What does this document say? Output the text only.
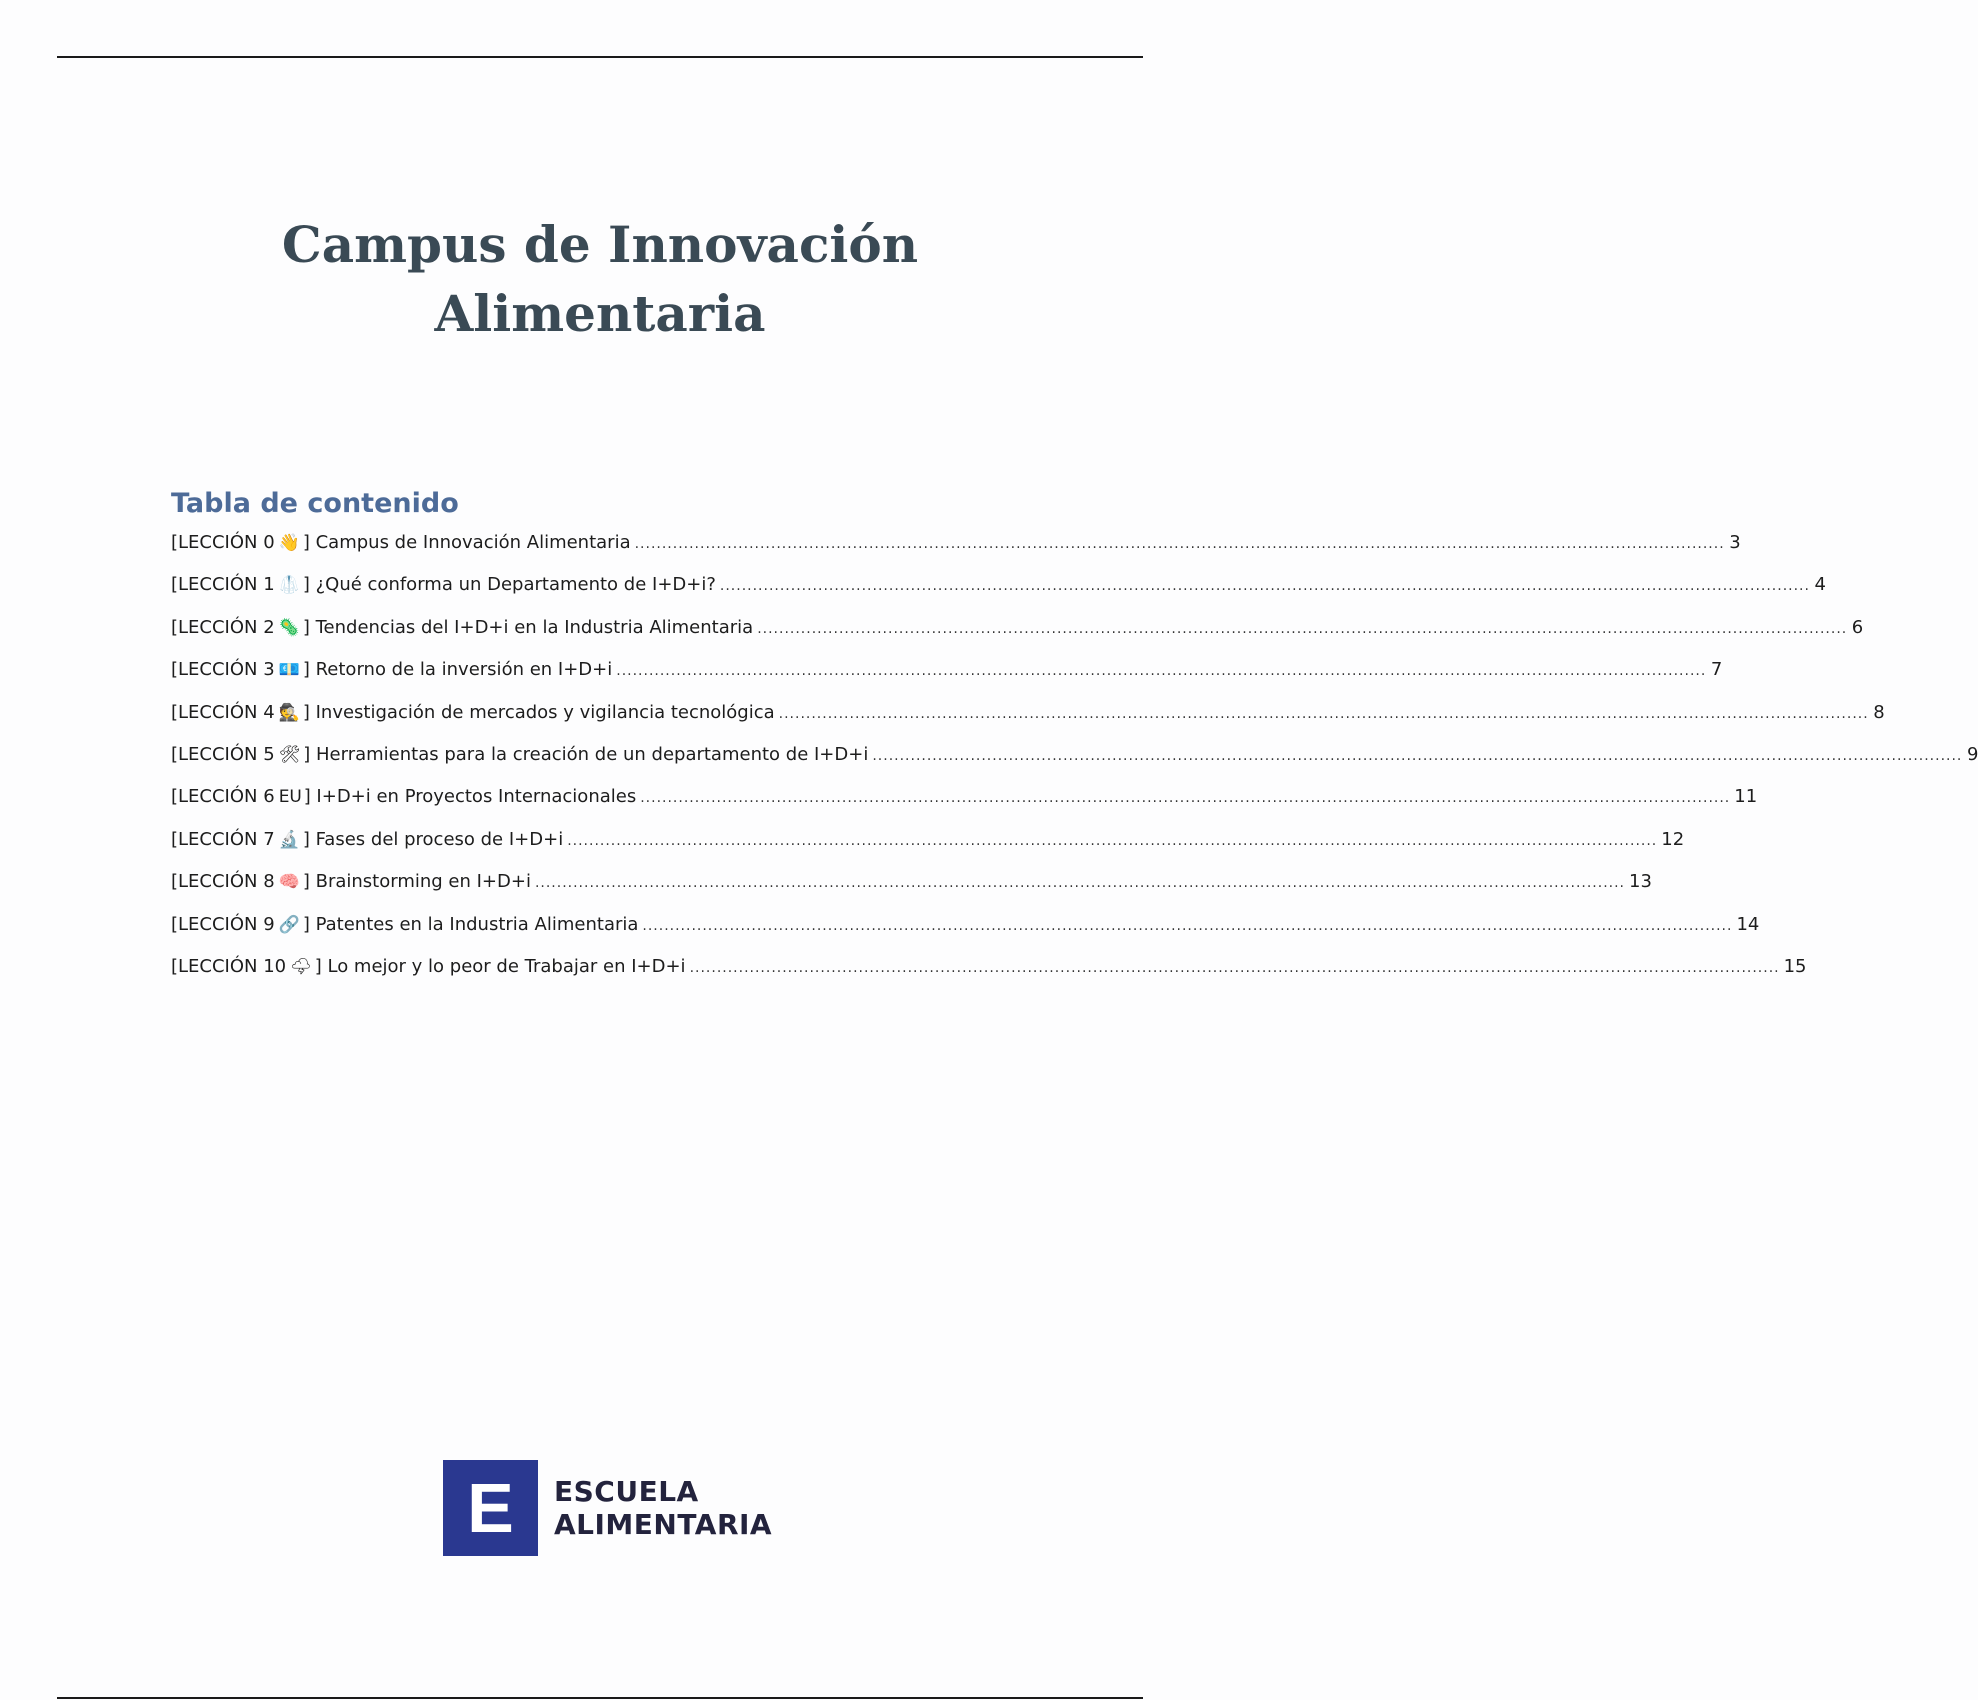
Campus de Innovación
Alimentaria
Tabla de contenido
[LECCIÓN 0 👋 ] Campus de Innovación Alimentaria ........................................................................................................................................................................................................ 3
[LECCIÓN 1 🥼 ] ¿Qué conforma un Departamento de I+D+i? ........................................................................................................................................................................................................ 4
[LECCIÓN 2 🦠 ] Tendencias del I+D+i en la Industria Alimentaria ........................................................................................................................................................................................................ 6
[LECCIÓN 3 💶 ] Retorno de la inversión en I+D+i ........................................................................................................................................................................................................ 7
[LECCIÓN 4 🕵 ] Investigación de mercados y vigilancia tecnológica ........................................................................................................................................................................................................ 8
[LECCIÓN 5 🛠 ] Herramientas para la creación de un departamento de I+D+i ........................................................................................................................................................................................................ 9
[LECCIÓN 6 EU ] I+D+i en Proyectos Internacionales ........................................................................................................................................................................................................ 11
[LECCIÓN 7 🔬 ] Fases del proceso de I+D+i ........................................................................................................................................................................................................ 12
[LECCIÓN 8 🧠 ] Brainstorming en I+D+i ........................................................................................................................................................................................................ 13
[LECCIÓN 9 🔗 ] Patentes en la Industria Alimentaria ........................................................................................................................................................................................................ 14
[LECCIÓN 10 🌩 ] Lo mejor y lo peor de Trabajar en I+D+i ........................................................................................................................................................................................................ 15
E	ESCUELA
ALIMENTARIA
